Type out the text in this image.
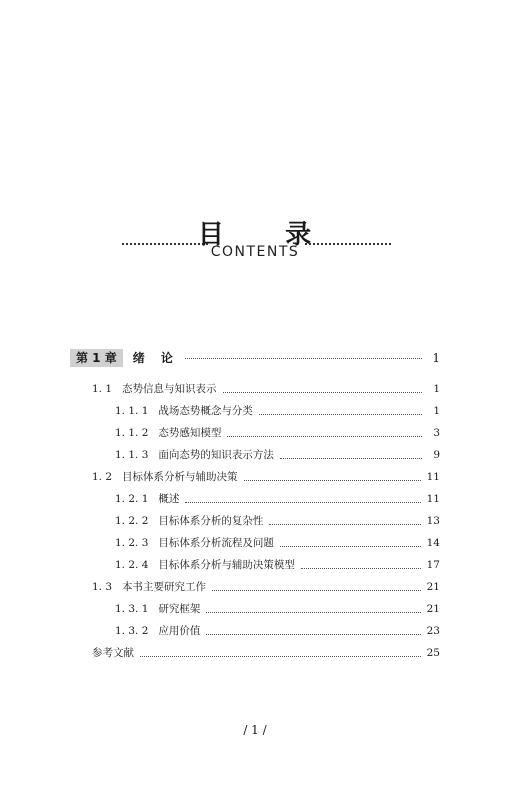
目 录
CONTENTS
第 1 章	绪 论	1
1. 1 态势信息与知识表示	1
1. 1. 1 战场态势概念与分类	1
1. 1. 2 态势感知模型	3
1. 1. 3 面向态势的知识表示方法	9
1. 2 目标体系分析与辅助决策	11
1. 2. 1 概述	11
1. 2. 2 目标体系分析的复杂性	13
1. 2. 3 目标体系分析流程及问题	14
1. 2. 4 目标体系分析与辅助决策模型	17
1. 3 本书主要研究工作	21
1. 3. 1 研究框架	21
1. 3. 2 应用价值	23
参考文献	25
/ 1 /
